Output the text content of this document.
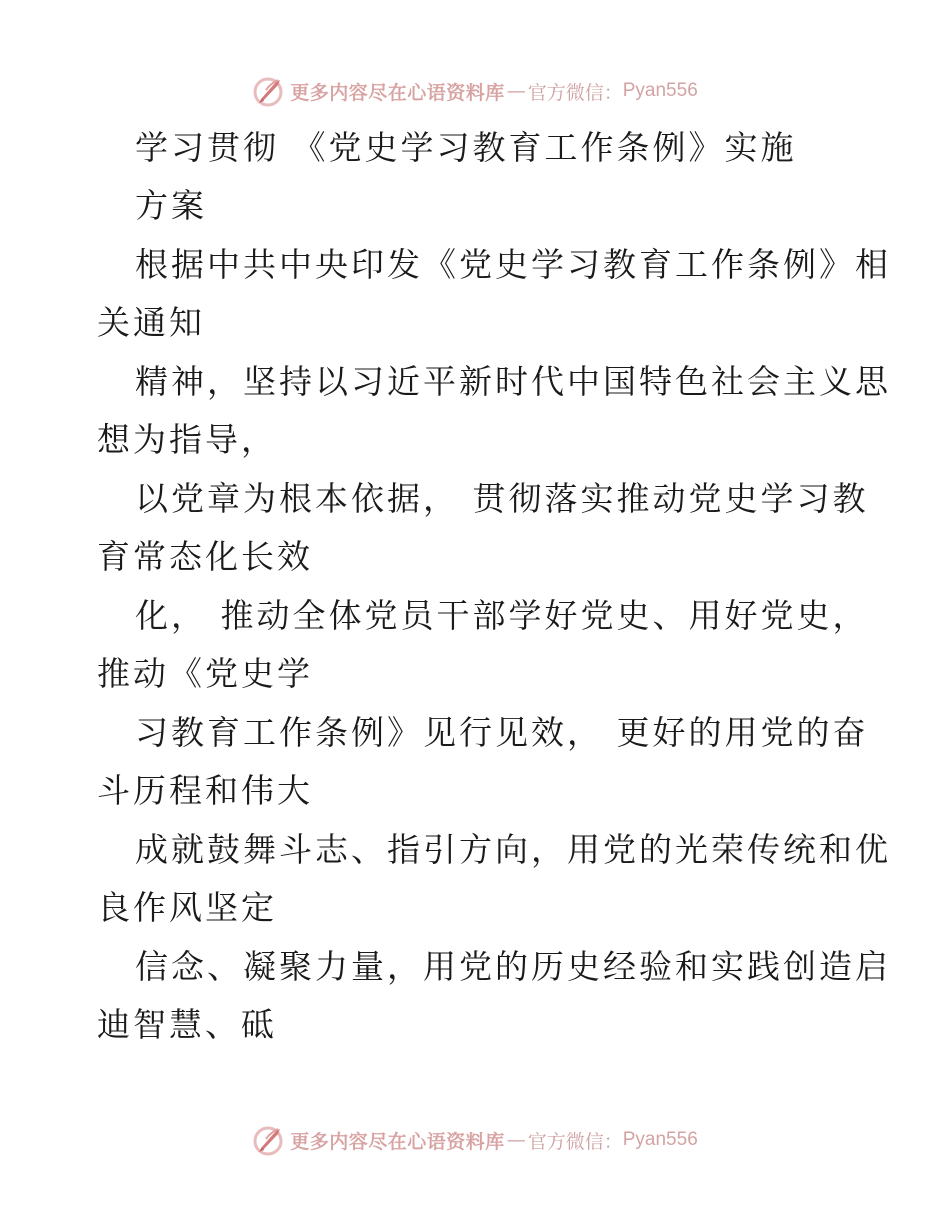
更多内容尽在心语资料库 — 官方微信： Pyan556
学习贯彻 《党史学习教育工作条例》实施
方案
根据中共中央印发《党史学习教育工作条例》相
关通知
精神，坚持以习近平新时代中国特色社会主义思
想为指导，
以党章为根本依据， 贯彻落实推动党史学习教
育常态化长效
化， 推动全体党员干部学好党史、用好党史，
推动《党史学
习教育工作条例》见行见效， 更好的用党的奋
斗历程和伟大
成就鼓舞斗志、指引方向，用党的光荣传统和优
良作风坚定
信念、凝聚力量，用党的历史经验和实践创造启
迪智慧、砥
更多内容尽在心语资料库 — 官方微信： Pyan556
